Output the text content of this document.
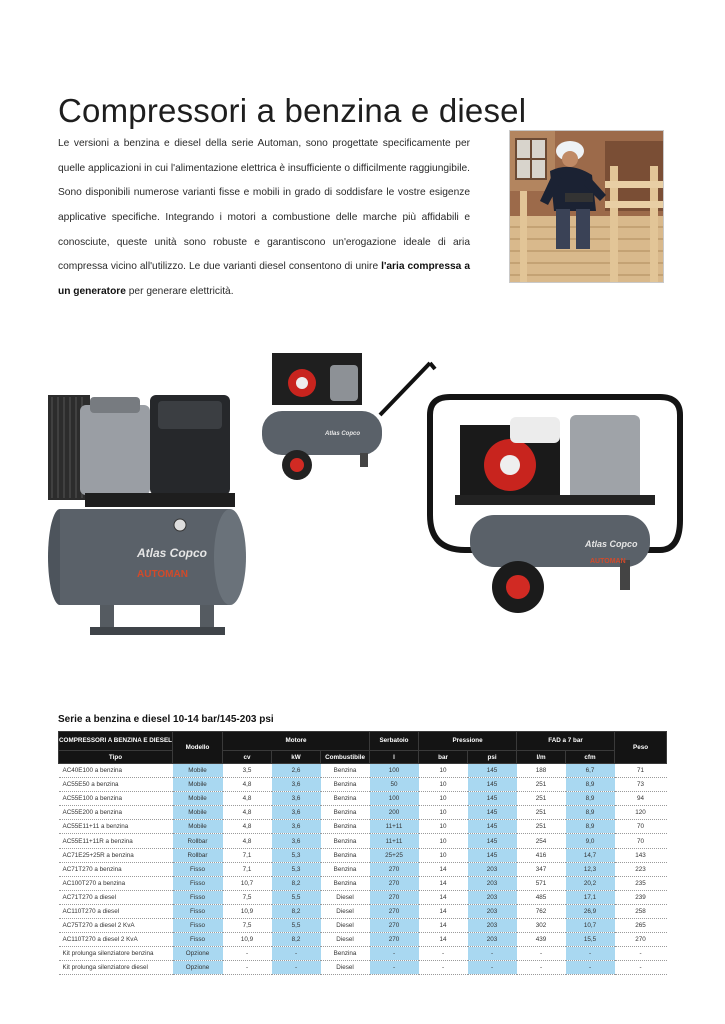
Compressori a benzina e diesel

Le versioni a benzina e diesel della serie Automan, sono progettate specificamente per quelle applicazioni in cui l'alimentazione elettrica è insufficiente o difficilmente raggiungibile. Sono disponibili numerose varianti fisse e mobili in grado di soddisfare le vostre esigenze applicative specifiche. Integrando i motori a combustione delle marche più affidabili e conosciute, queste unità sono robuste e garantiscono un'erogazione ideale di aria compressa vicino all'utilizzo. Le due varianti diesel consentono di unire l'aria compressa a un generatore per generare elettricità.

Atlas Copco
AUTOMAN
Atlas Copco
Atlas Copco
AUTOMAN
Serie a benzina e diesel 10-14 bar/145-203 psi
COMPRESSORI A BENZINA E DIESEL	Modello	Motore			Serbatoio	Pressione		FAD a 7 bar		Peso
Tipo		cv	kW	Combustibile	l	bar	psi	l/m	cfm	
AC40E100 a benzina	Mobile	3,5	2,6	Benzina	100	10	145	188	6,7	71
AC55E50 a benzina	Mobile	4,8	3,6	Benzina	50	10	145	251	8,9	73
AC55E100 a benzina	Mobile	4,8	3,6	Benzina	100	10	145	251	8,9	94
AC55E200 a benzina	Mobile	4,8	3,6	Benzina	200	10	145	251	8,9	120
AC55E11+11 a benzina	Mobile	4,8	3,6	Benzina	11+11	10	145	251	8,9	70
AC55E11+11R a benzina	Rollbar	4,8	3,6	Benzina	11+11	10	145	254	9,0	70
AC71E25+25R a benzina	Rollbar	7,1	5,3	Benzina	25+25	10	145	416	14,7	143
AC71T270 a benzina	Fisso	7,1	5,3	Benzina	270	14	203	347	12,3	223
AC100T270 a benzina	Fisso	10,7	8,2	Benzina	270	14	203	571	20,2	235
AC71T270 a diesel	Fisso	7,5	5,5	Diesel	270	14	203	485	17,1	239
AC110T270 a diesel	Fisso	10,9	8,2	Diesel	270	14	203	762	26,9	258
AC75T270 a diesel 2 KvA	Fisso	7,5	5,5	Diesel	270	14	203	302	10,7	265
AC110T270 a diesel 2 KvA	Fisso	10,9	8,2	Diesel	270	14	203	439	15,5	270
Kit prolunga silenziatore benzina	Opzione	-	-	Benzina	-	-	-	-	-	-
Kit prolunga silenziatore diesel	Opzione	-	-	Diesel	-	-	-	-	-	-
